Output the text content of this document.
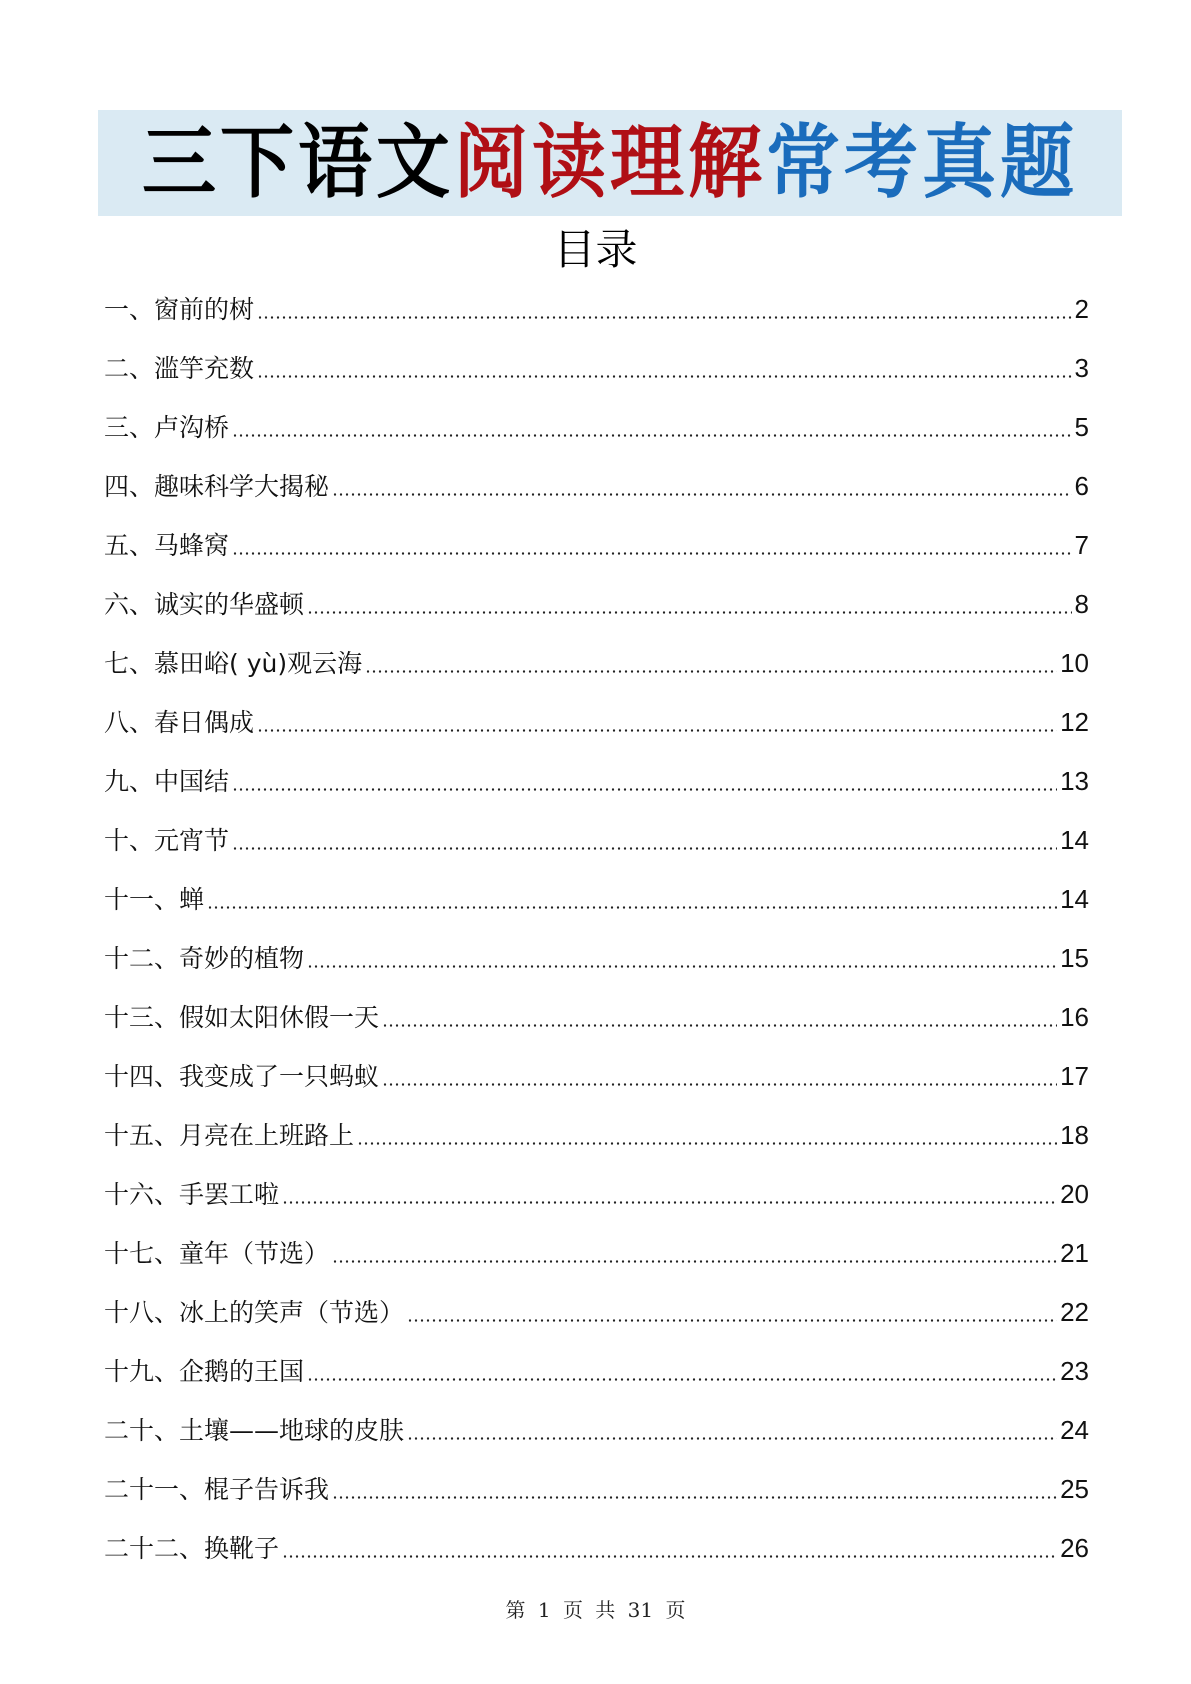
三下语文阅读理解常考真题
目录
一、窗前的树	2
二、滥竽充数	3
三、卢沟桥	5
四、趣味科学大揭秘	6
五、马蜂窝	7
六、诚实的华盛顿	8
七、慕田峪( yù)观云海	10
八、春日偶成	12
九、中国结	13
十、元宵节	14
十一、蝉	14
十二、奇妙的植物	15
十三、假如太阳休假一天	16
十四、我变成了一只蚂蚁	17
十五、月亮在上班路上	18
十六、手罢工啦	20
十七、童年（节选）	21
十八、冰上的笑声（节选）	22
十九、企鹅的王国	23
二十、土壤——地球的皮肤	24
二十一、棍子告诉我	25
二十二、换靴子	26
第 1 页 共 31 页
